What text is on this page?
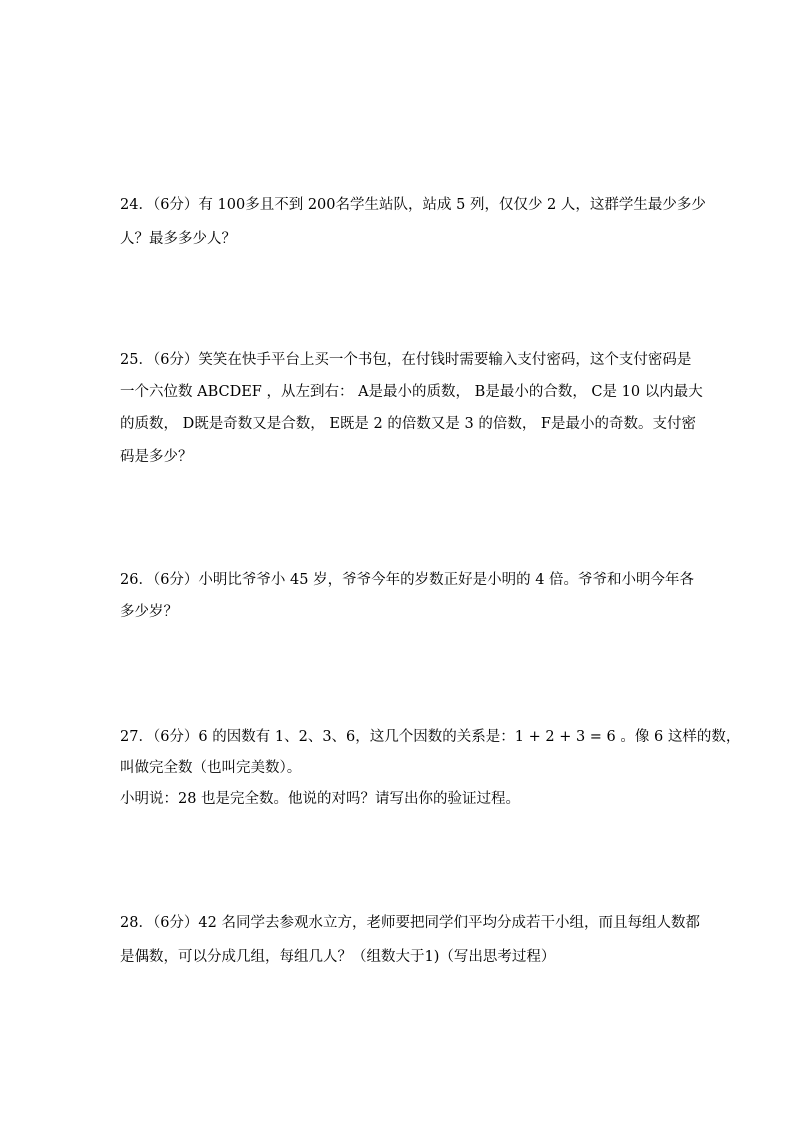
24．（6分）有 100多且不到 200名学生站队，站成 5 列，仅仅少 2 人，这群学生最少多少

人？最多多少人？

25．（6分）笑笑在快手平台上买一个书包，在付钱时需要输入支付密码，这个支付密码是

一个六位数 ABCDEF ，从左到右： A是最小的质数， B是最小的合数， C是 10 以内最大

的质数， D既是奇数又是合数， E既是 2 的倍数又是 3 的倍数， F是最小的奇数。支付密

码是多少？

26．（6分）小明比爷爷小 45 岁，爷爷今年的岁数正好是小明的 4 倍。爷爷和小明今年各

多少岁？

27．（6分）6 的因数有 1、2、3、6，这几个因数的关系是：1 + 2 + 3 = 6 。像 6 这样的数，

叫做完全数（也叫完美数）。

小明说：28 也是完全数。他说的对吗？请写出你的验证过程。

28．（6分）42 名同学去参观水立方，老师要把同学们平均分成若干小组，而且每组人数都

是偶数，可以分成几组，每组几人？（组数大于1)（写出思考过程）
